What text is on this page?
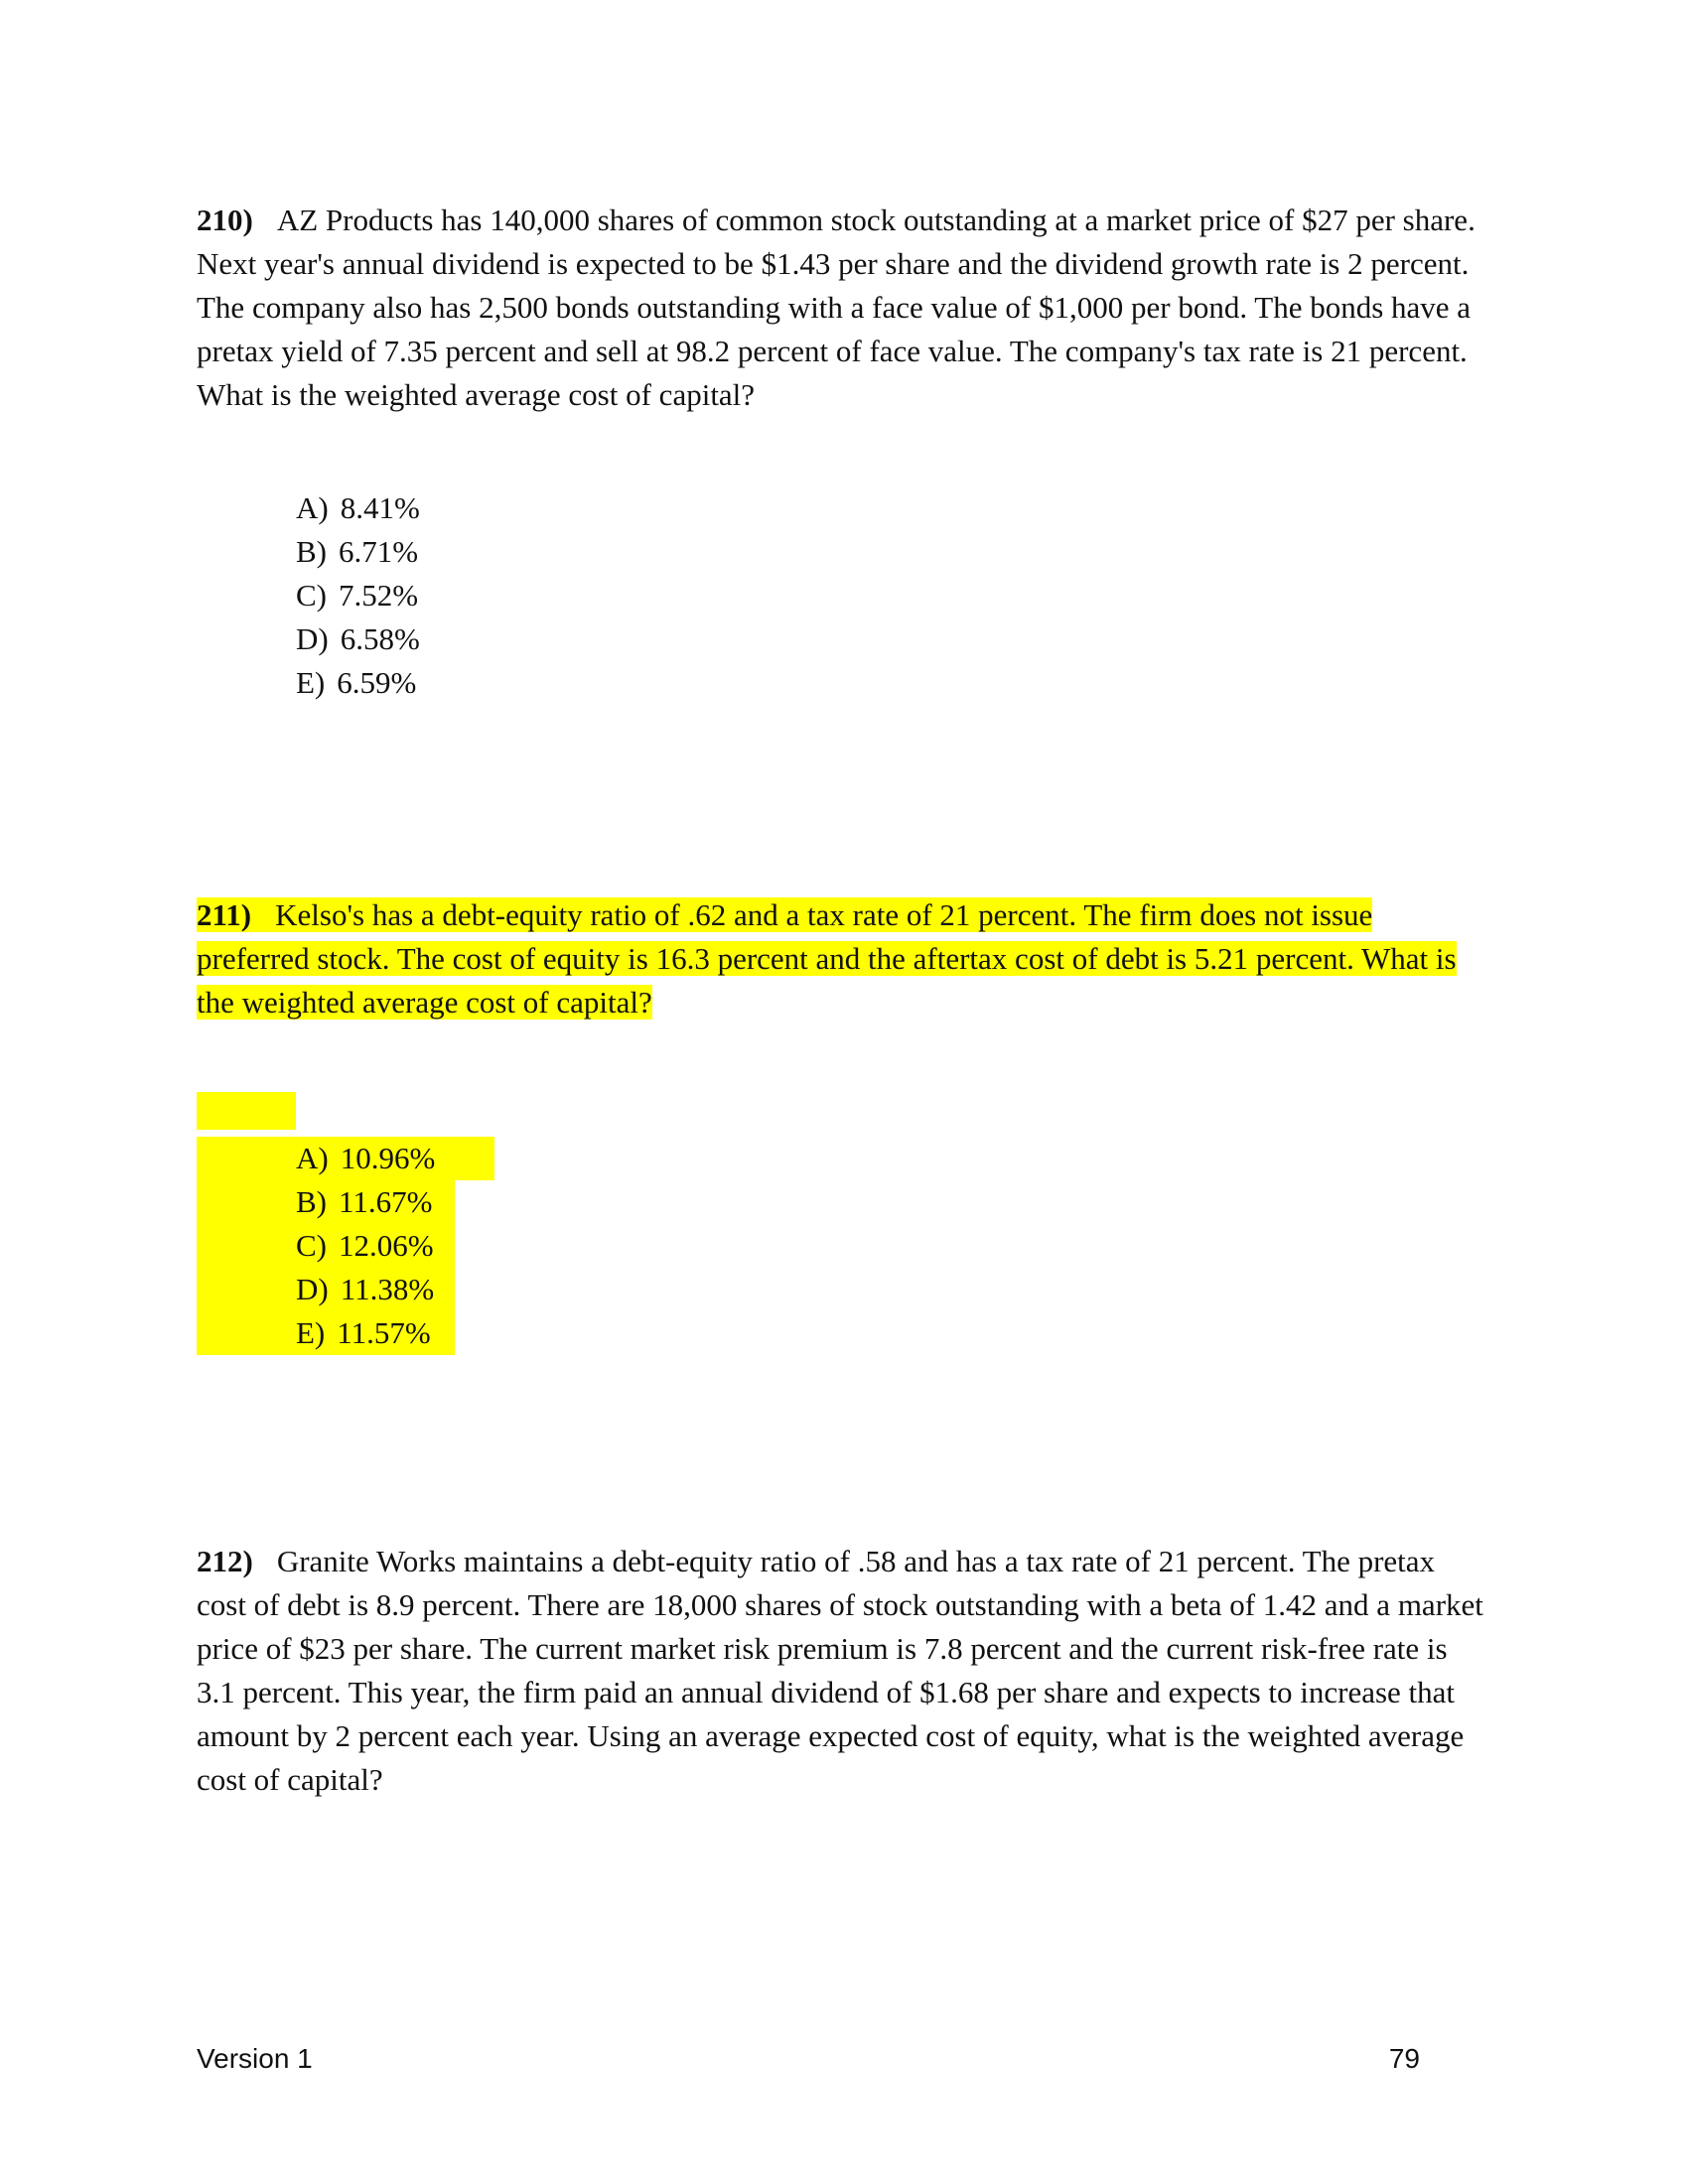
210) AZ Products has 140,000 shares of common stock outstanding at a market price of $27 per share. Next year's annual dividend is expected to be $1.43 per share and the dividend growth rate is 2 percent. The company also has 2,500 bonds outstanding with a face value of $1,000 per bond. The bonds have a pretax yield of 7.35 percent and sell at 98.2 percent of face value. The company's tax rate is 21 percent. What is the weighted average cost of capital?

A) 8.41%
B) 6.71%
C) 7.52%
D) 6.58%
E) 6.59%

211) Kelso's has a debt-equity ratio of .62 and a tax rate of 21 percent. The firm does not issue preferred stock. The cost of equity is 16.3 percent and the aftertax cost of debt is 5.21 percent. What is the weighted average cost of capital?

A) 10.96%
B) 11.67%
C) 12.06%
D) 11.38%
E) 11.57%

212) Granite Works maintains a debt-equity ratio of .58 and has a tax rate of 21 percent. The pretax cost of debt is 8.9 percent. There are 18,000 shares of stock outstanding with a beta of 1.42 and a market price of $23 per share. The current market risk premium is 7.8 percent and the current risk-free rate is 3.1 percent. This year, the firm paid an annual dividend of $1.68 per share and expects to increase that amount by 2 percent each year. Using an average expected cost of equity, what is the weighted average cost of capital?

Version 1	79
